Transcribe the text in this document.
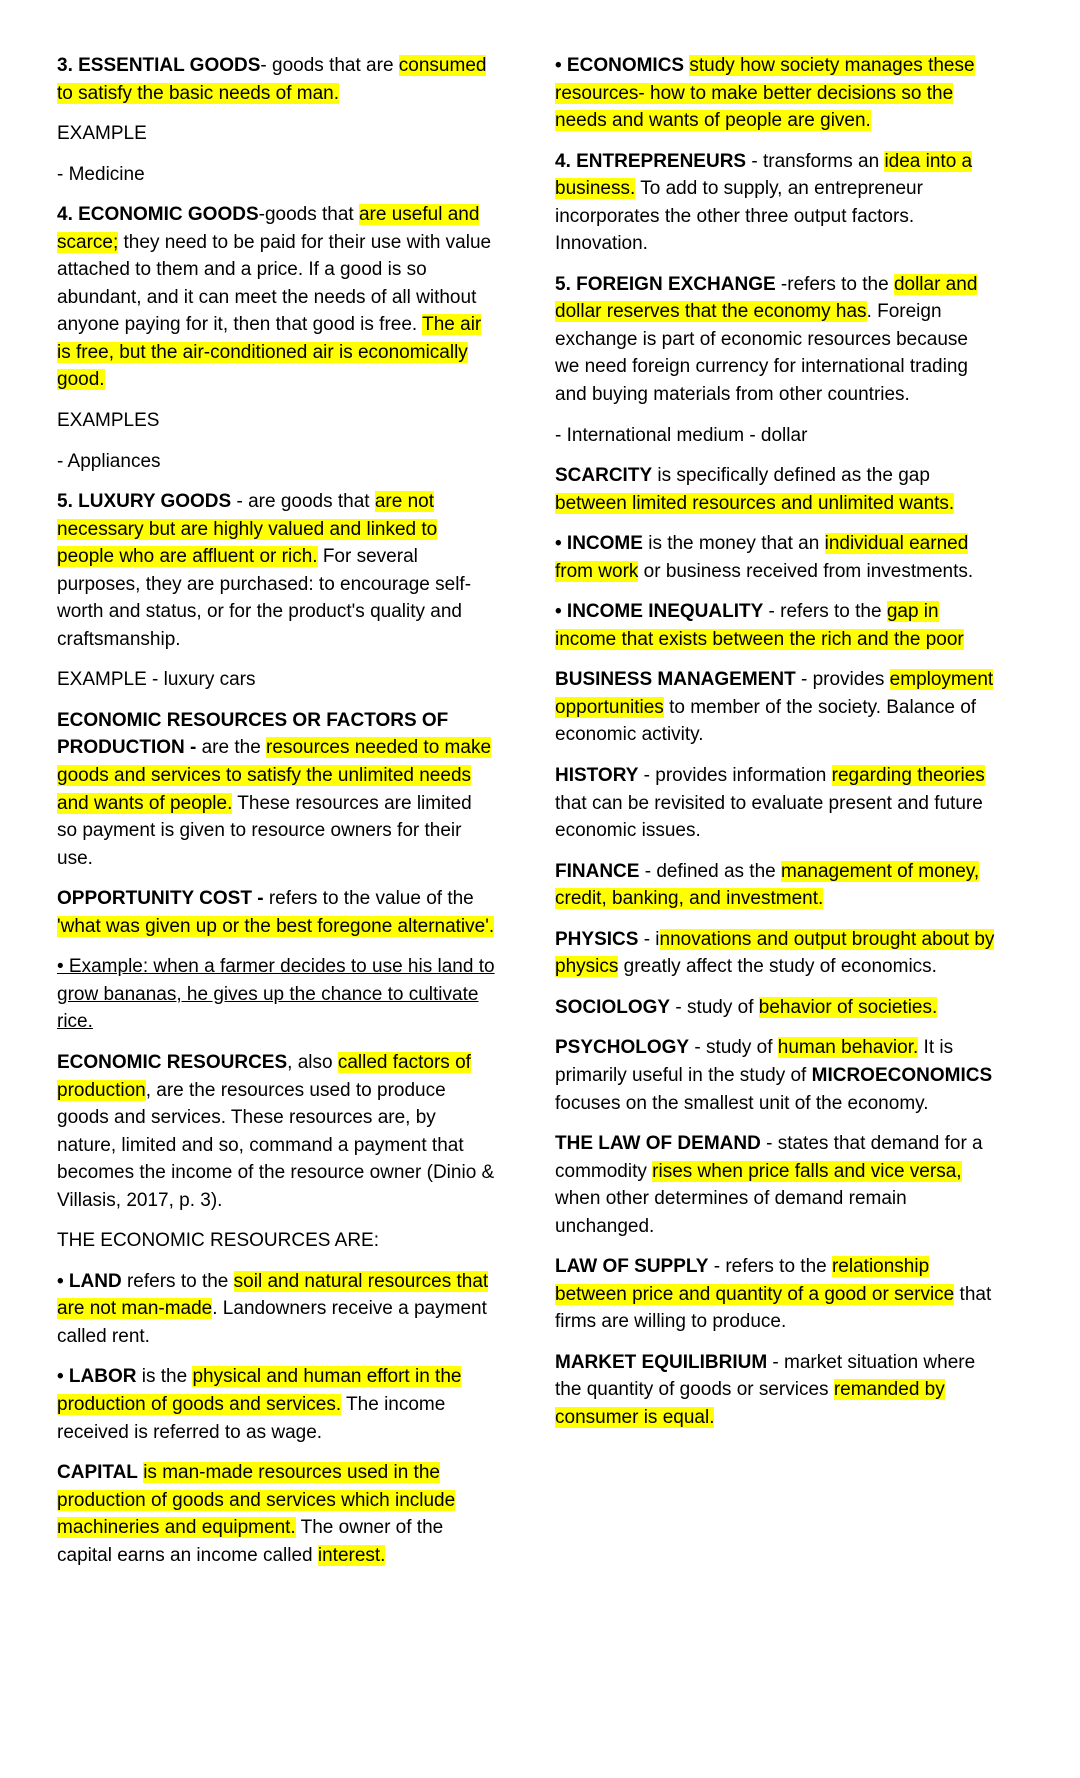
3. ESSENTIAL GOODS- goods that are consumed to satisfy the basic needs of man.

EXAMPLE

- Medicine

4. ECONOMIC GOODS-goods that are useful and scarce; they need to be paid for their use with value attached to them and a price. If a good is so abundant, and it can meet the needs of all without anyone paying for it, then that good is free. The air is free, but the air-conditioned air is economically good.

EXAMPLES

- Appliances

5. LUXURY GOODS - are goods that are not necessary but are highly valued and linked to people who are affluent or rich. For several purposes, they are purchased: to encourage self-worth and status, or for the product's quality and craftsmanship.

EXAMPLE - luxury cars

ECONOMIC RESOURCES OR FACTORS OF PRODUCTION - are the resources needed to make goods and services to satisfy the unlimited needs and wants of people. These resources are limited so payment is given to resource owners for their use.

OPPORTUNITY COST - refers to the value of the 'what was given up or the best foregone alternative'.

• Example: when a farmer decides to use his land to grow bananas, he gives up the chance to cultivate rice.

ECONOMIC RESOURCES, also called factors of production, are the resources used to produce goods and services. These resources are, by nature, limited and so, command a payment that becomes the income of the resource owner (Dinio & Villasis, 2017, p. 3).

THE ECONOMIC RESOURCES ARE:

• LAND refers to the soil and natural resources that are not man-made. Landowners receive a payment called rent.

• LABOR is the physical and human effort in the production of goods and services. The income received is referred to as wage.

CAPITAL is man-made resources used in the production of goods and services which include machineries and equipment. The owner of the capital earns an income called interest.

• ECONOMICS study how society manages these resources- how to make better decisions so the needs and wants of people are given.

4. ENTREPRENEURS - transforms an idea into a business. To add to supply, an entrepreneur incorporates the other three output factors. Innovation.

5. FOREIGN EXCHANGE -refers to the dollar and dollar reserves that the economy has. Foreign exchange is part of economic resources because we need foreign currency for international trading and buying materials from other countries.

- International medium - dollar

SCARCITY is specifically defined as the gap between limited resources and unlimited wants.

• INCOME is the money that an individual earned from work or business received from investments.

• INCOME INEQUALITY - refers to the gap in income that exists between the rich and the poor

BUSINESS MANAGEMENT - provides employment opportunities to member of the society. Balance of economic activity.

HISTORY - provides information regarding theories that can be revisited to evaluate present and future economic issues.

FINANCE - defined as the management of money, credit, banking, and investment.

PHYSICS - innovations and output brought about by physics greatly affect the study of economics.

SOCIOLOGY - study of behavior of societies.

PSYCHOLOGY - study of human behavior. It is primarily useful in the study of MICROECONOMICS focuses on the smallest unit of the economy.

THE LAW OF DEMAND - states that demand for a commodity rises when price falls and vice versa, when other determines of demand remain unchanged.

LAW OF SUPPLY - refers to the relationship between price and quantity of a good or service that firms are willing to produce.

MARKET EQUILIBRIUM - market situation where the quantity of goods or services remanded by consumer is equal.
